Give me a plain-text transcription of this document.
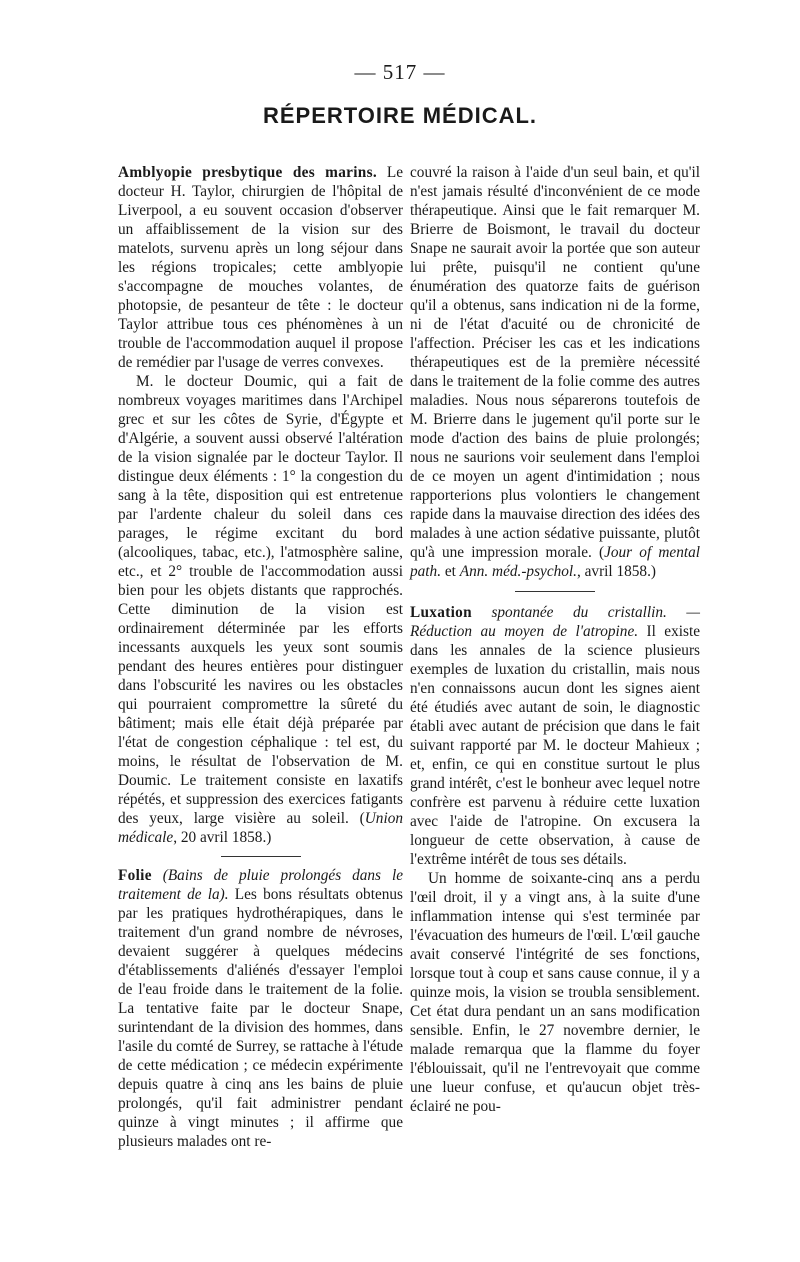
— 517 —
RÉPERTOIRE MÉDICAL.

Amblyopie presbytique des marins. Le docteur H. Taylor, chirurgien de l'hôpital de Liverpool, a eu souvent occasion d'observer un affaiblissement de la vision sur des matelots, survenu après un long séjour dans les régions tropicales; cette amblyopie s'accompagne de mouches volantes, de photopsie, de pesanteur de tête : le docteur Taylor attribue tous ces phénomènes à un trouble de l'accommodation auquel il propose de remédier par l'usage de verres convexes.

M. le docteur Doumic, qui a fait de nombreux voyages maritimes dans l'Archipel grec et sur les côtes de Syrie, d'Égypte et d'Algérie, a souvent aussi observé l'altération de la vision signalée par le docteur Taylor. Il distingue deux éléments : 1° la congestion du sang à la tête, disposition qui est entretenue par l'ardente chaleur du soleil dans ces parages, le régime excitant du bord (alcooliques, tabac, etc.), l'atmosphère saline, etc., et 2° trouble de l'accommodation aussi bien pour les objets distants que rapprochés. Cette diminution de la vision est ordinairement déterminée par les efforts incessants auxquels les yeux sont soumis pendant des heures entières pour distinguer dans l'obscurité les navires ou les obstacles qui pourraient compromettre la sûreté du bâtiment; mais elle était déjà préparée par l'état de congestion céphalique : tel est, du moins, le résultat de l'observation de M. Doumic. Le traitement consiste en laxatifs répétés, et suppression des exercices fatigants des yeux, large visière au soleil. (Union médicale, 20 avril 1858.)

Folie (Bains de pluie prolongés dans le traitement de la). Les bons résultats obtenus par les pratiques hydrothérapiques, dans le traitement d'un grand nombre de névroses, devaient suggérer à quelques médecins d'établissements d'aliénés d'essayer l'emploi de l'eau froide dans le traitement de la folie. La tentative faite par le docteur Snape, surintendant de la division des hommes, dans l'asile du comté de Surrey, se rattache à l'étude de cette médication ; ce médecin expérimente depuis quatre à cinq ans les bains de pluie prolongés, qu'il fait administrer pendant quinze à vingt minutes ; il affirme que plusieurs malades ont re-

couvré la raison à l'aide d'un seul bain, et qu'il n'est jamais résulté d'inconvénient de ce mode thérapeutique. Ainsi que le fait remarquer M. Brierre de Boismont, le travail du docteur Snape ne saurait avoir la portée que son auteur lui prête, puisqu'il ne contient qu'une énumération des quatorze faits de guérison qu'il a obtenus, sans indication ni de la forme, ni de l'état d'acuité ou de chronicité de l'affection. Préciser les cas et les indications thérapeutiques est de la première nécessité dans le traitement de la folie comme des autres maladies. Nous nous séparerons toutefois de M. Brierre dans le jugement qu'il porte sur le mode d'action des bains de pluie prolongés; nous ne saurions voir seulement dans l'emploi de ce moyen un agent d'intimidation ; nous rapporterions plus volontiers le changement rapide dans la mauvaise direction des idées des malades à une action sédative puissante, plutôt qu'à une impression morale. (Jour of mental path. et Ann. méd.-psychol., avril 1858.)

Luxation spontanée du cristallin. — Réduction au moyen de l'atropine. Il existe dans les annales de la science plusieurs exemples de luxation du cristallin, mais nous n'en connaissons aucun dont les signes aient été étudiés avec autant de soin, le diagnostic établi avec autant de précision que dans le fait suivant rapporté par M. le docteur Mahieux ; et, enfin, ce qui en constitue surtout le plus grand intérêt, c'est le bonheur avec lequel notre confrère est parvenu à réduire cette luxation avec l'aide de l'atropine. On excusera la longueur de cette observation, à cause de l'extrême intérêt de tous ses détails.

Un homme de soixante-cinq ans a perdu l'œil droit, il y a vingt ans, à la suite d'une inflammation intense qui s'est terminée par l'évacuation des humeurs de l'œil. L'œil gauche avait conservé l'intégrité de ses fonctions, lorsque tout à coup et sans cause connue, il y a quinze mois, la vision se troubla sensiblement. Cet état dura pendant un an sans modification sensible. Enfin, le 27 novembre dernier, le malade remarqua que la flamme du foyer l'éblouissait, qu'il ne l'entrevoyait que comme une lueur confuse, et qu'aucun objet très-éclairé ne pou-
